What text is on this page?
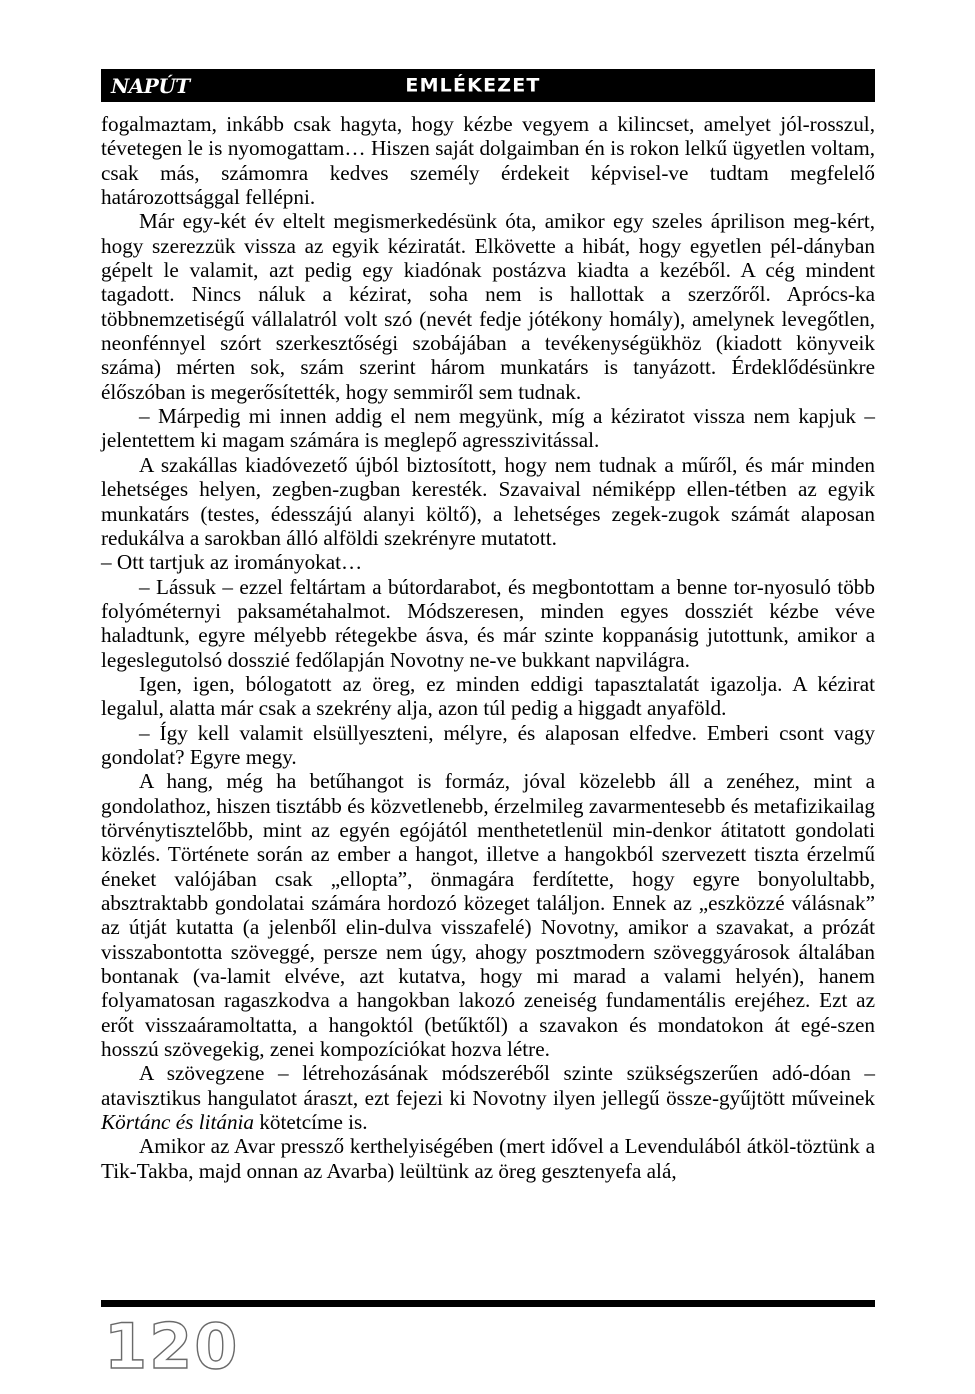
NAPÚT	EMLÉKEZET

fogalmaztam, inkább csak hagyta, hogy kézbe vegyem a kilincset, amelyet jól-rosszul, tévetegen le is nyomogattam… Hiszen saját dolgaimban én is rokon lelkű ügyetlen voltam, csak más, számomra kedves személy érdekeit képvisel-ve tudtam megfelelő határozottsággal fellépni.

Már egy-két év eltelt megismerkedésünk óta, amikor egy szeles áprilison meg-kért, hogy szerezzük vissza az egyik kéziratát. Elkövette a hibát, hogy egyetlen pél-dányban gépelt le valamit, azt pedig egy kiadónak postázva kiadta a kezéből. A cég mindent tagadott. Nincs náluk a kézirat, soha nem is hallottak a szerzőről. Aprócs-ka többnemzetiségű vállalatról volt szó (nevét fedje jótékony homály), amelynek levegőtlen, neonfénnyel szórt szerkesztőségi szobájában a tevékenységükhöz (kiadott könyveik száma) mérten sok, szám szerint három munkatárs is tanyázott. Érdeklődésünkre élőszóban is megerősítették, hogy semmiről sem tudnak.

– Márpedig mi innen addig el nem megyünk, míg a kéziratot vissza nem kapjuk – jelentettem ki magam számára is meglepő agresszivitással.

A szakállas kiadóvezető újból biztosított, hogy nem tudnak a műről, és már minden lehetséges helyen, zegben-zugban keresték. Szavaival némiképp ellen-tétben az egyik munkatárs (testes, édesszájú alanyi költő), a lehetséges zegek-zugok számát alaposan redukálva a sarokban álló alföldi szekrényre mutatott.

– Ott tartjuk az irományokat…

– Lássuk – ezzel feltártam a bútordarabot, és megbontottam a benne tor-nyosuló több folyóméternyi paksamétahalmot. Módszeresen, minden egyes dossziét kézbe véve haladtunk, egyre mélyebb rétegekbe ásva, és már szinte koppanásig jutottunk, amikor a legeslegutolsó dosszié fedőlapján Novotny ne-ve bukkant napvilágra.

Igen, igen, bólogatott az öreg, ez minden eddigi tapasztalatát igazolja. A kézirat legalul, alatta már csak a szekrény alja, azon túl pedig a higgadt anyaföld.

– Így kell valamit elsüllyeszteni, mélyre, és alaposan elfedve. Emberi csont vagy gondolat? Egyre megy.

A hang, még ha betűhangot is formáz, jóval közelebb áll a zenéhez, mint a gondolathoz, hiszen tisztább és közvetlenebb, érzelmileg zavarmentesebb és metafizikailag törvénytisztelőbb, mint az egyén egójától menthetetlenül min-denkor átitatott gondolati közlés. Története során az ember a hangot, illetve a hangokból szervezett tiszta érzelmű éneket valójában csak „ellopta”, önmagára ferdítette, hogy egyre bonyolultabb, absztraktabb gondolatai számára hordozó közeget találjon. Ennek az „eszközzé válásnak” az útját kutatta (a jelenből elin-dulva visszafelé) Novotny, amikor a szavakat, a prózát visszabontotta szöveggé, persze nem úgy, ahogy posztmodern szöveggyárosok általában bontanak (va-lamit elvéve, azt kutatva, hogy mi marad a valami helyén), hanem folyamatosan ragaszkodva a hangokban lakozó zeneiség fundamentális erejéhez. Ezt az erőt visszaáramoltatta, a hangoktól (betűktől) a szavakon és mondatokon át egé-szen hosszú szövegekig, zenei kompozíciókat hozva létre.

A szövegzene – létrehozásának módszeréből szinte szükségszerűen adó-dóan – atavisztikus hangulatot áraszt, ezt fejezi ki Novotny ilyen jellegű össze-gyűjtött műveinek Körtánc és litánia kötetcíme is.

Amikor az Avar pressző kerthelyiségében (mert idővel a Levendulából átköl-töztünk a Tik-Takba, majd onnan az Avarba) leültünk az öreg gesztenyefa alá,

120
